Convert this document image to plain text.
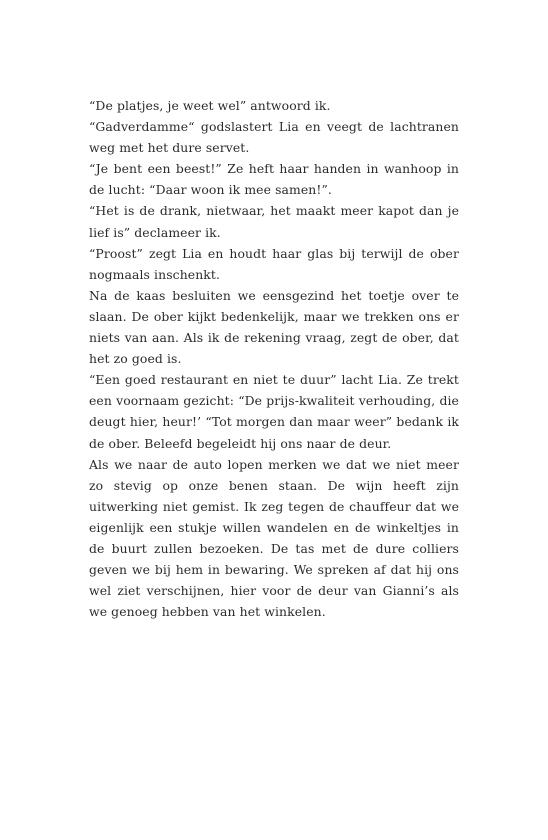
“De platjes, je weet wel” antwoord ik.

“Gadverdamme“ godslastert Lia en veegt de lachtranen weg met het dure servet.

“Je bent een beest!” Ze heft haar handen in wanhoop in de lucht: “Daar woon ik mee samen!”.

“Het is de drank, nietwaar, het maakt meer kapot dan je lief is” declameer ik.

“Proost” zegt Lia en houdt haar glas bij terwijl de ober nogmaals inschenkt.

Na de kaas besluiten we eensgezind het toetje over te slaan. De ober kijkt bedenkelijk, maar we trekken ons er niets van aan. Als ik de rekening vraag, zegt de ober, dat het zo goed is.

“Een goed restaurant en niet te duur” lacht Lia. Ze trekt een voornaam gezicht: “De prijs-kwaliteit verhouding, die deugt hier, heur!’ “Tot morgen dan maar weer” bedank ik de ober. Beleefd begeleidt hij ons naar de deur.

Als we naar de auto lopen merken we dat we niet meer zo stevig op onze benen staan. De wijn heeft zijn uitwerking niet gemist. Ik zeg tegen de chauffeur dat we eigenlijk een stukje willen wandelen en de winkeltjes in de buurt zullen bezoeken. De tas met de dure colliers geven we bij hem in bewaring. We spreken af dat hij ons wel ziet verschijnen, hier voor de deur van Gianni’s als we genoeg hebben van het winkelen.
